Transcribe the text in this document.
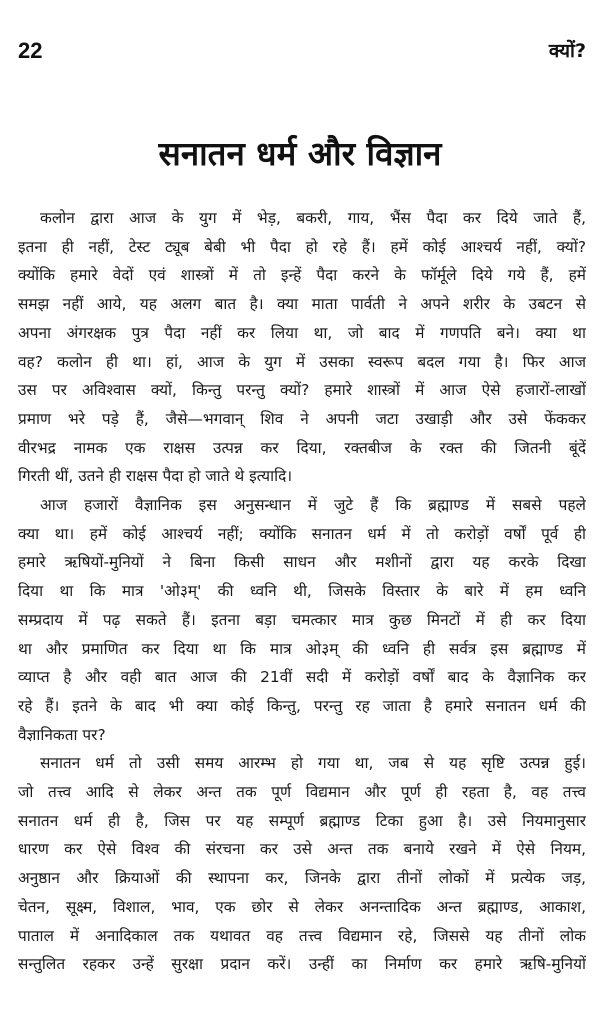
22	क्यों?
सनातन धर्म और विज्ञान
कलोन द्वारा आज के युग में भेड़, बकरी, गाय, भैंस पैदा कर दिये जाते हैं,
इतना ही नहीं, टेस्ट ट्यूब बेबी भी पैदा हो रहे हैं। हमें कोई आश्चर्य नहीं, क्यों?
क्योंकि हमारे वेदों एवं शास्त्रों में तो इन्हें पैदा करने के फॉर्मूले दिये गये हैं, हमें
समझ नहीं आये, यह अलग बात है। क्या माता पार्वती ने अपने शरीर के उबटन से
अपना अंगरक्षक पुत्र पैदा नहीं कर लिया था, जो बाद में गणपति बने। क्या था
वह? कलोन ही था। हां, आज के युग में उसका स्वरूप बदल गया है। फिर आज
उस पर अविश्वास क्यों, किन्तु परन्तु क्यों? हमारे शास्त्रों में आज ऐसे हजारों-लाखों
प्रमाण भरे पड़े हैं, जैसे—भगवान् शिव ने अपनी जटा उखाड़ी और उसे फेंककर
वीरभद्र नामक एक राक्षस उत्पन्न कर दिया, रक्तबीज के रक्त की जितनी बूंदें
गिरती थीं, उतने ही राक्षस पैदा हो जाते थे इत्यादि।
आज हजारों वैज्ञानिक इस अनुसन्धान में जुटे हैं कि ब्रह्माण्ड में सबसे पहले
क्या था। हमें कोई आश्चर्य नहीं; क्योंकि सनातन धर्म में तो करोड़ों वर्षों पूर्व ही
हमारे ऋषियों-मुनियों ने बिना किसी साधन और मशीनों द्वारा यह करके दिखा
दिया था कि मात्र 'ओ३म्' की ध्वनि थी, जिसके विस्तार के बारे में हम ध्वनि
सम्प्रदाय में पढ़ सकते हैं। इतना बड़ा चमत्कार मात्र कुछ मिनटों में ही कर दिया
था और प्रमाणित कर दिया था कि मात्र ओ३म् की ध्वनि ही सर्वत्र इस ब्रह्माण्ड में
व्याप्त है और वही बात आज की 21वीं सदी में करोड़ों वर्षों बाद के वैज्ञानिक कर
रहे हैं। इतने के बाद भी क्या कोई किन्तु, परन्तु रह जाता है हमारे सनातन धर्म की
वैज्ञानिकता पर?
सनातन धर्म तो उसी समय आरम्भ हो गया था, जब से यह सृष्टि उत्पन्न हुई।
जो तत्त्व आदि से लेकर अन्त तक पूर्ण विद्यमान और पूर्ण ही रहता है, वह तत्त्व
सनातन धर्म ही है, जिस पर यह सम्पूर्ण ब्रह्माण्ड टिका हुआ है। उसे नियमानुसार
धारण कर ऐसे विश्व की संरचना कर उसे अन्त तक बनाये रखने में ऐसे नियम,
अनुष्ठान और क्रियाओं की स्थापना कर, जिनके द्वारा तीनों लोकों में प्रत्येक जड़,
चेतन, सूक्ष्म, विशाल, भाव, एक छोर से लेकर अनन्तादिक अन्त ब्रह्माण्ड, आकाश,
पाताल में अनादिकाल तक यथावत वह तत्त्व विद्यमान रहे, जिससे यह तीनों लोक
सन्तुलित रहकर उन्हें सुरक्षा प्रदान करें। उन्हीं का निर्माण कर हमारे ऋषि-मुनियों
